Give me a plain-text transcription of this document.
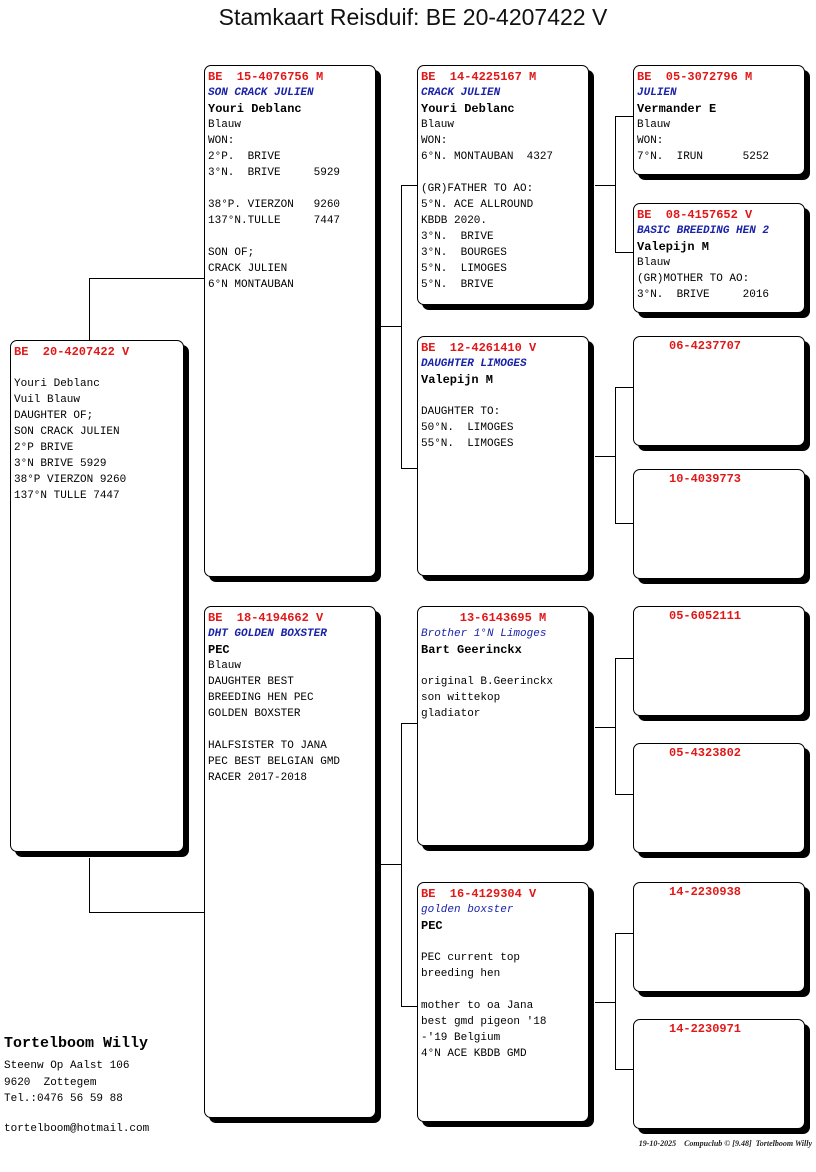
Stamkaart Reisduif: BE 20-4207422 V
BE  20-4207422 V
Youri Deblanc
Vuil Blauw
DAUGHTER OF;
SON CRACK JULIEN
2°P BRIVE
3°N BRIVE 5929
38°P VIERZON 9260
137°N TULLE 7447
BE  15-4076756 M
SON CRACK JULIEN
Youri Deblanc
Blauw
WON:
2°P.  BRIVE
3°N.  BRIVE     5929
38°P. VIERZON   9260
137°N.TULLE     7447
SON OF;
CRACK JULIEN
6°N MONTAUBAN
BE  18-4194662 V
DHT GOLDEN BOXSTER
PEC
Blauw
DAUGHTER BEST
BREEDING HEN PEC
GOLDEN BOXSTER
HALFSISTER TO JANA
PEC BEST BELGIAN GMD
RACER 2017-2018
BE  14-4225167 M
CRACK JULIEN
Youri Deblanc
Blauw
WON:
6°N. MONTAUBAN  4327
(GR)FATHER TO AO:
5°N. ACE ALLROUND
KBDB 2020.
3°N.  BRIVE
3°N.  BOURGES
5°N.  LIMOGES
5°N.  BRIVE
BE  12-4261410 V
DAUGHTER LIMOGES
Valepijn M
DAUGHTER TO:
50°N.  LIMOGES
55°N.  LIMOGES
13-6143695 M
Brother 1°N Limoges
Bart Geerinckx
original B.Geerinckx
son wittekop
gladiator
BE  16-4129304 V
golden boxster
PEC
PEC current top
breeding hen
mother to oa Jana
best gmd pigeon '18
-'19 Belgium
4°N ACE KBDB GMD
BE  05-3072796 M
JULIEN
Vermander E
Blauw
WON:
7°N.  IRUN      5252
BE  08-4157652 V
BASIC BREEDING HEN 2
Valepijn M
Blauw
(GR)MOTHER TO AO:
3°N.  BRIVE     2016
06-4237707
10-4039773
05-6052111
05-4323802
14-2230938
14-2230971
Tortelboom Willy
Steenw Op Aalst 106
9620  Zottegem
Tel.:0476 56 59 88
tortelboom@hotmail.com
19-10-2025    Compuclub © [9.48]  Tortelboom Willy
